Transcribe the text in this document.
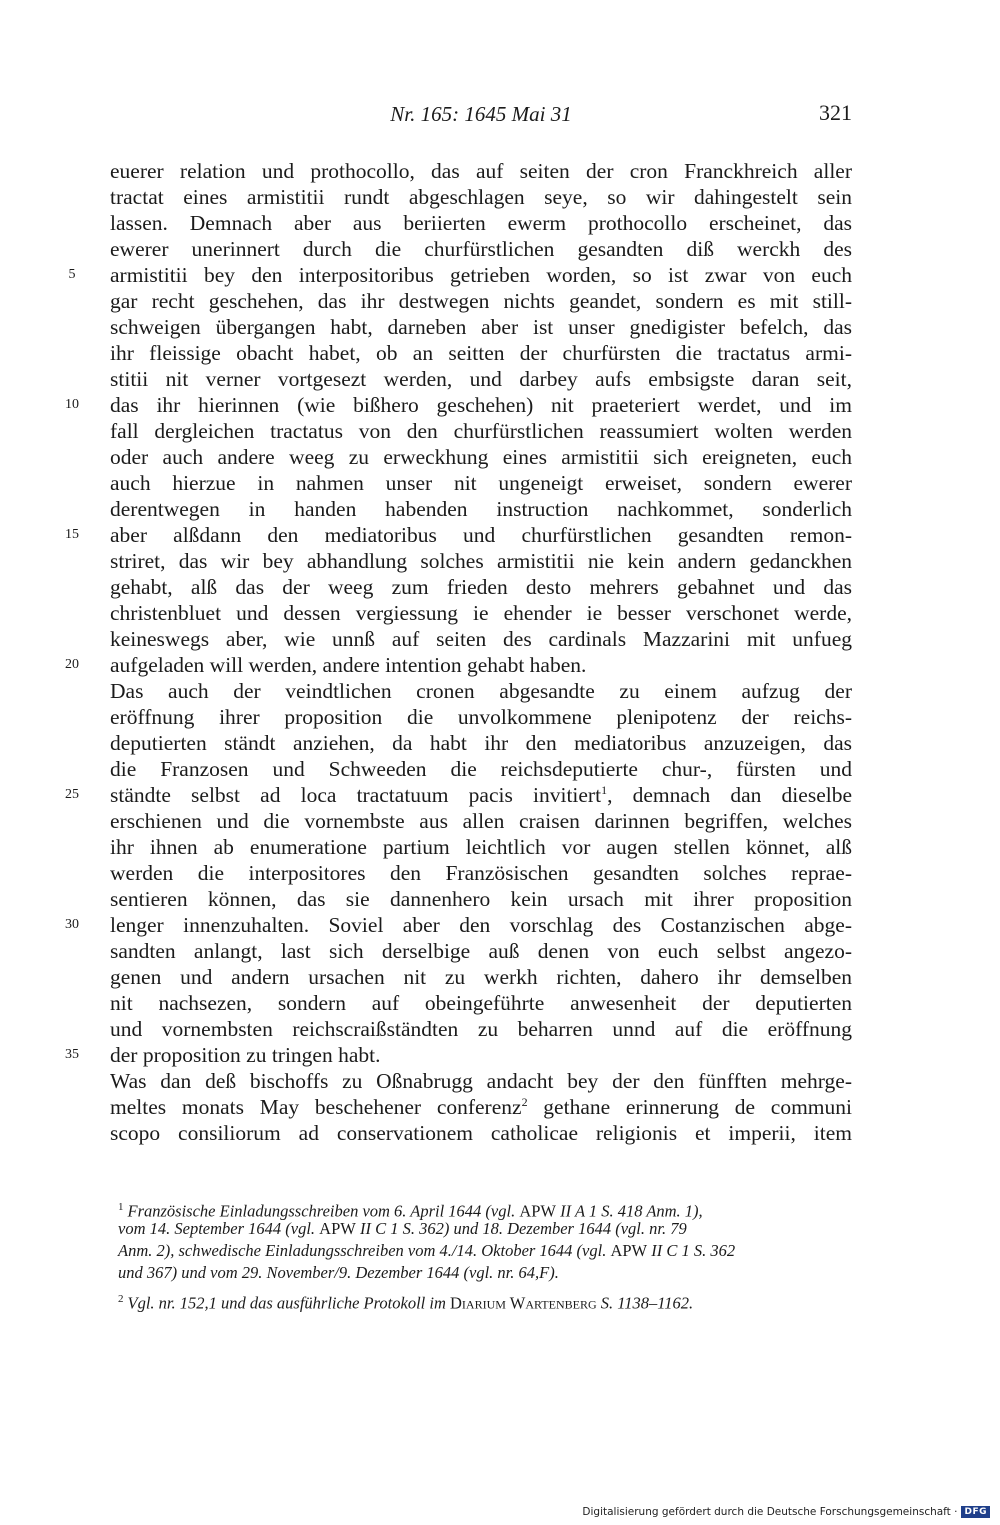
Nr. 165: 1645 Mai 31	321
5
10
15
20
25
30
35
euerer relation und prothocollo, das auf seiten der cron Franckhreich aller
tractat eines armistitii rundt abgeschlagen seye, so wir dahingestelt sein
lassen. Demnach aber aus beriierten ewerm prothocollo erscheinet, das
ewerer unerinnert durch die churfürstlichen gesandten diß werckh des
armistitii bey den interpositoribus getrieben worden, so ist zwar von euch
gar recht geschehen, das ihr destwegen nichts geandet, sondern es mit still-
schweigen übergangen habt, darneben aber ist unser gnedigister befelch, das
ihr fleissige obacht habet, ob an seitten der churfürsten die tractatus armi-
stitii nit verner vortgesezt werden, und darbey aufs embsigste daran seit,
das ihr hierinnen (wie bißhero geschehen) nit praeteriert werdet, und im
fall dergleichen tractatus von den churfürstlichen reassumiert wolten werden
oder auch andere weeg zu erweckhung eines armistitii sich ereigneten, euch
auch hierzue in nahmen unser nit ungeneigt erweiset, sondern ewerer
derentwegen in handen habenden instruction nachkommet, sonderlich
aber alßdann den mediatoribus und churfürstlichen gesandten remon-
striret, das wir bey abhandlung solches armistitii nie kein andern gedanckhen
gehabt, alß das der weeg zum frieden desto mehrers gebahnet und das
christenbluet und dessen vergiessung ie ehender ie besser verschonet werde,
keineswegs aber, wie unnß auf seiten des cardinals Mazzarini mit unfueg
aufgeladen will werden, andere intention gehabt haben.
Das auch der veindtlichen cronen abgesandte zu einem aufzug der
eröffnung ihrer proposition die unvolkommene plenipotenz der reichs-
deputierten ständt anziehen, da habt ihr den mediatoribus anzuzeigen, das
die Franzosen und Schweeden die reichsdeputierte chur-, fürsten und
ständte selbst ad loca tractatuum pacis invitiert$^1$, demnach dan dieselbe
erschienen und die vornembste aus allen craisen darinnen begriffen, welches
ihr ihnen ab enumeratione partium leichtlich vor augen stellen könnet, alß
werden die interpositores den Französischen gesandten solches reprae-
sentieren können, das sie dannenhero kein ursach mit ihrer proposition
lenger innenzuhalten. Soviel aber den vorschlag des Costanzischen abge-
sandten anlangt, last sich derselbige auß denen von euch selbst angezo-
genen und andern ursachen nit zu werkh richten, dahero ihr demselben
nit nachsezen, sondern auf obeingeführte anwesenheit der deputierten
und vornembsten reichscraißständten zu beharren unnd auf die eröffnung
der proposition zu tringen habt.
Was dan deß bischoffs zu Oßnabrugg andacht bey der den fünfften mehrge-
meltes monats May beschehener conferenz$^2$ gethane erinnerung de communi
scopo consiliorum ad conservationem catholicae religionis et imperii, item
$^1$ Französische Einladungsschreiben vom 6. April 1644 (vgl. APW II A 1 S. 418 Anm. 1),
vom 14. September 1644 (vgl. APW II C 1 S. 362) und 18. Dezember 1644 (vgl. nr. 79
Anm. 2), schwedische Einladungsschreiben vom 4./14. Oktober 1644 (vgl. APW II C 1 S. 362
und 367) und vom 29. November/9. Dezember 1644 (vgl. nr. 64,F).
$^2$ Vgl. nr. 152,1 und das ausführliche Protokoll im Diarium Wartenberg S. 1138–1162.
Digitalisierung gefördert durch die Deutsche Forschungsgemeinschaft · DFG
